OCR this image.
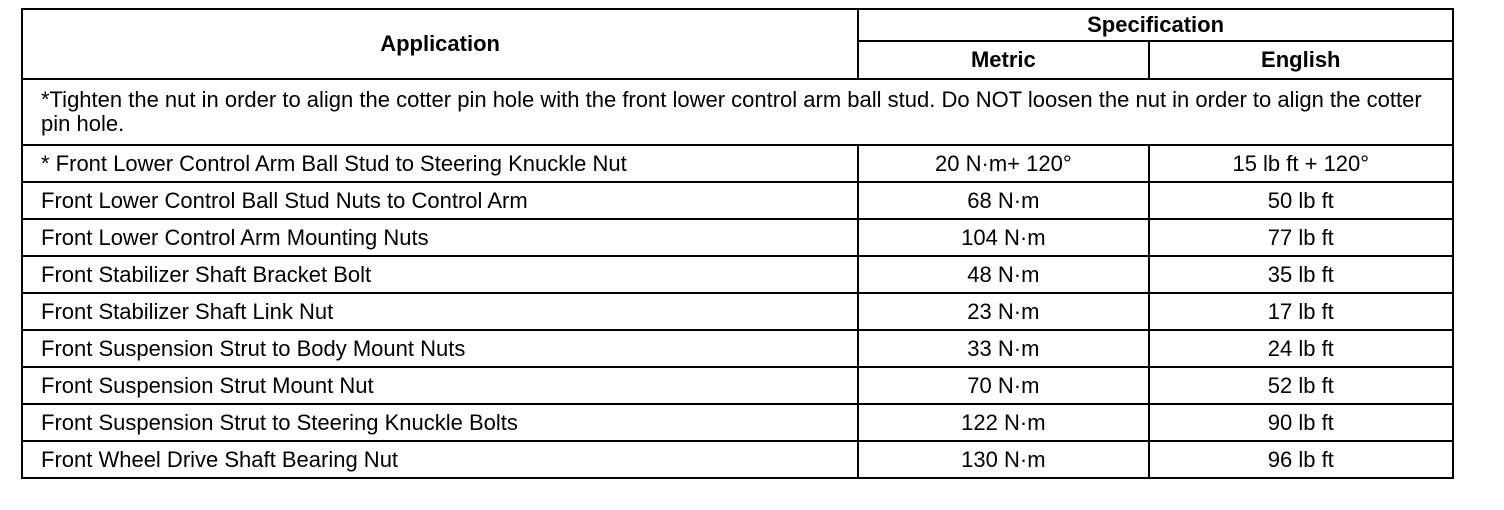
Application	Specification	
	Metric	English
*Tighten the nut in order to align the cotter pin hole with the front lower control arm ball stud. Do NOT loosen the nut in order to align the cotter pin hole.		
* Front Lower Control Arm Ball Stud to Steering Knuckle Nut	20 N·m+ 120°	15 lb ft + 120°
Front Lower Control Ball Stud Nuts to Control Arm	68 N·m	50 lb ft
Front Lower Control Arm Mounting Nuts	104 N·m	77 lb ft
Front Stabilizer Shaft Bracket Bolt	48 N·m	35 lb ft
Front Stabilizer Shaft Link Nut	23 N·m	17 lb ft
Front Suspension Strut to Body Mount Nuts	33 N·m	24 lb ft
Front Suspension Strut Mount Nut	70 N·m	52 lb ft
Front Suspension Strut to Steering Knuckle Bolts	122 N·m	90 lb ft
Front Wheel Drive Shaft Bearing Nut	130 N·m	96 lb ft
